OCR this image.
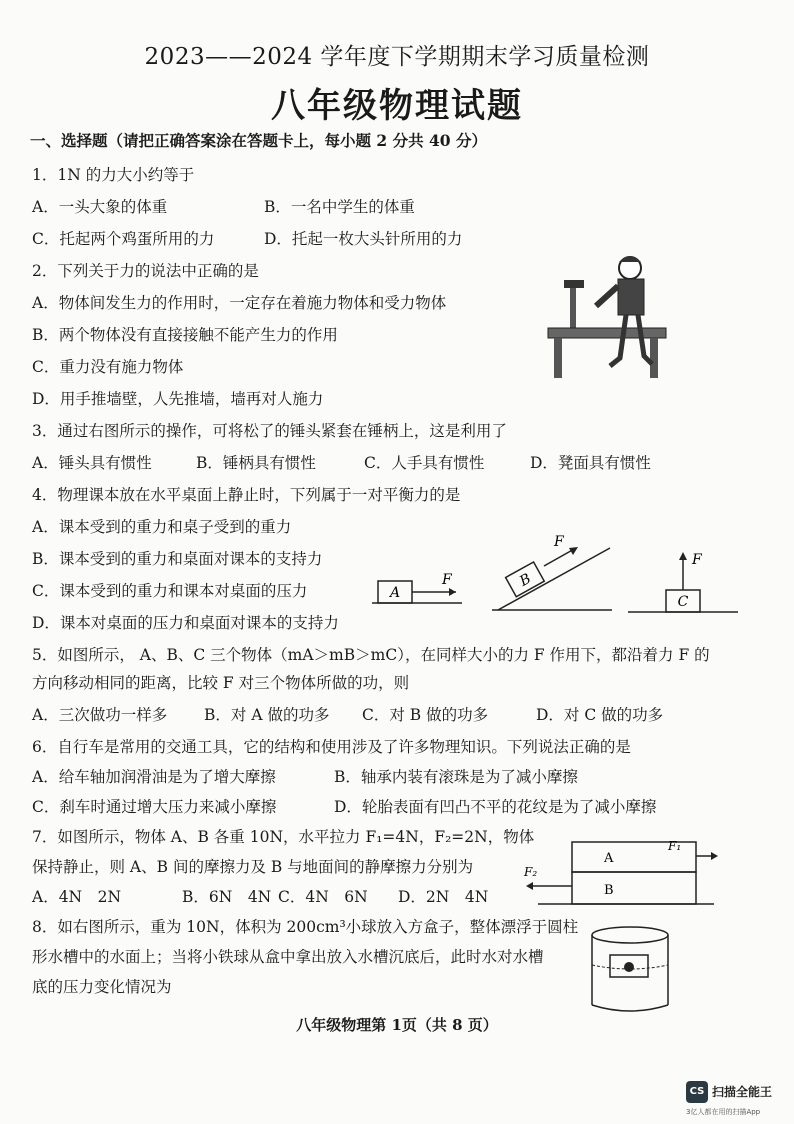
2023——2024 学年度下学期期末学习质量检测
八年级物理试题
一、选择题（请把正确答案涂在答题卡上，每小题 2 分共 40 分）
1．1N 的力大小约等于
A．一头大象的体重	B．一名中学生的体重
C．托起两个鸡蛋所用的力	D．托起一枚大头针所用的力
2．下列关于力的说法中正确的是
A．物体间发生力的作用时，一定存在着施力物体和受力物体
B．两个物体没有直接接触不能产生力的作用
C．重力没有施力物体
D．用手推墙壁，人先推墙，墙再对人施力
3．通过右图所示的操作，可将松了的锤头紧套在锤柄上，这是利用了
A．锤头具有惯性	B．锤柄具有惯性	C．人手具有惯性	D．凳面具有惯性
4．物理课本放在水平桌面上静止时，下列属于一对平衡力的是
A．课本受到的重力和桌子受到的重力
B．课本受到的重力和桌面对课本的支持力
C．课本受到的重力和课本对桌面的压力
D．课本对桌面的压力和桌面对课本的支持力
A
F	B
F
C
F
5．如图所示， A、B、C 三个物体（mA＞mB＞mC），在同样大小的力 F 作用下，都沿着力 F 的
方向移动相同的距离，比较 F 对三个物体所做的功，则
A．三次做功一样多 B．对 A 做的功多 C．对 B 做的功多	D．对 C 做的功多
6．自行车是常用的交通工具，它的结构和使用涉及了许多物理知识。下列说法正确的是
A．给车轴加润滑油是为了增大摩擦	B．轴承内装有滚珠是为了减小摩擦
C．刹车时通过增大压力来减小摩擦	D．轮胎表面有凹凸不平的花纹是为了减小摩擦
7．如图所示，物体 A、B 各重 10N，水平拉力 F₁=4N，F₂=2N，物体
保持静止，则 A、B 间的摩擦力及 B 与地面间的静摩擦力分别为
A．4N　2N	B．6N　4N C．4N　6N D．2N　4N
A
B
F₁
F₂
8．如右图所示，重为 10N，体积为 200cm³小球放入方盒子，整体漂浮于圆柱
形水槽中的水面上；当将小铁球从盒中拿出放入水槽沉底后，此时水对水槽
底的压力变化情况为
八年级物理第 1页（共 8 页）
CS 扫描全能王
3亿人都在用的扫描App
